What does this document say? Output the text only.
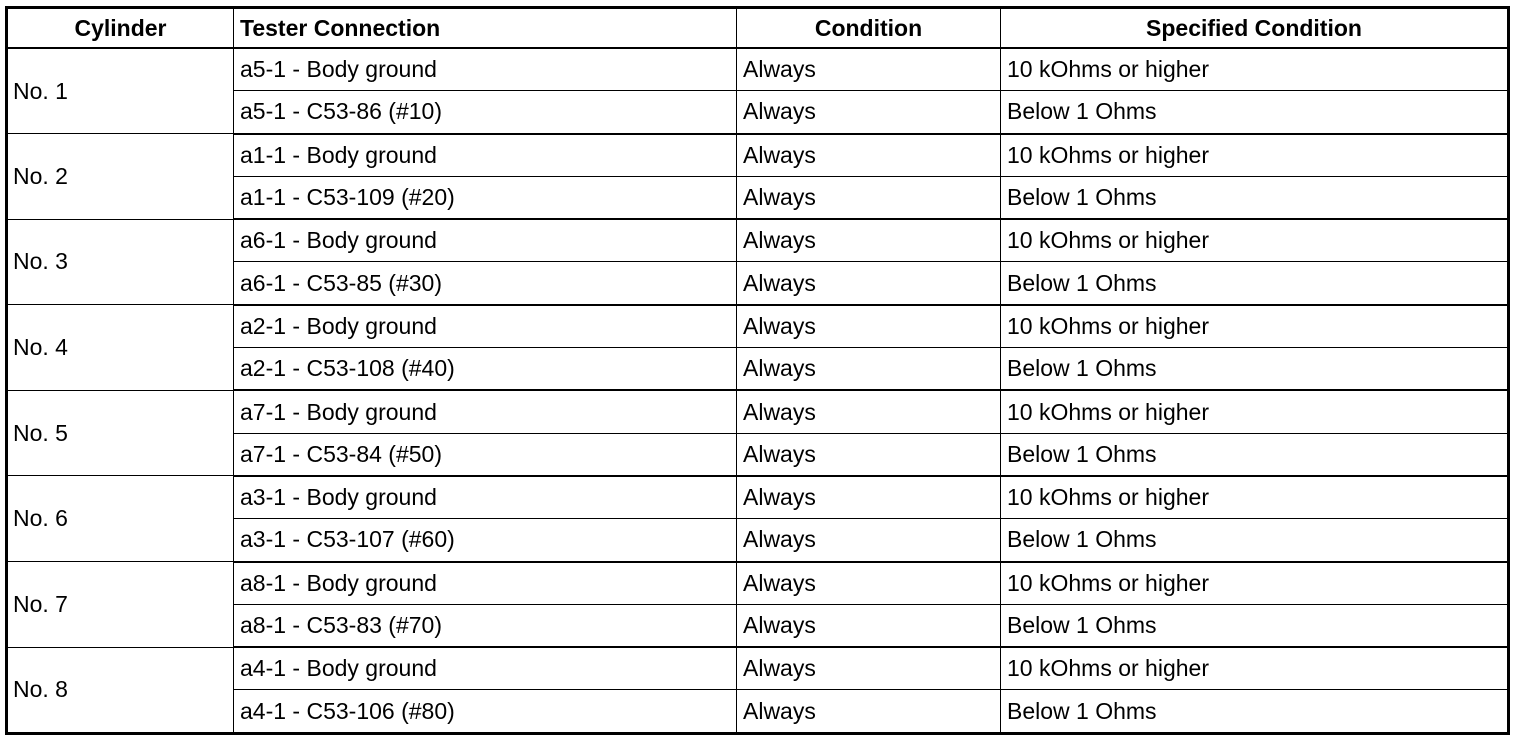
Cylinder	Tester Connection	Condition	Specified Condition
No. 1	a5-1 - Body ground	Always	10 kOhms or higher
	a5-1 - C53-86 (#10)	Always	Below 1 Ohms
No. 2	a1-1 - Body ground	Always	10 kOhms or higher
	a1-1 - C53-109 (#20)	Always	Below 1 Ohms
No. 3	a6-1 - Body ground	Always	10 kOhms or higher
	a6-1 - C53-85 (#30)	Always	Below 1 Ohms
No. 4	a2-1 - Body ground	Always	10 kOhms or higher
	a2-1 - C53-108 (#40)	Always	Below 1 Ohms
No. 5	a7-1 - Body ground	Always	10 kOhms or higher
	a7-1 - C53-84 (#50)	Always	Below 1 Ohms
No. 6	a3-1 - Body ground	Always	10 kOhms or higher
	a3-1 - C53-107 (#60)	Always	Below 1 Ohms
No. 7	a8-1 - Body ground	Always	10 kOhms or higher
	a8-1 - C53-83 (#70)	Always	Below 1 Ohms
No. 8	a4-1 - Body ground	Always	10 kOhms or higher
	a4-1 - C53-106 (#80)	Always	Below 1 Ohms
